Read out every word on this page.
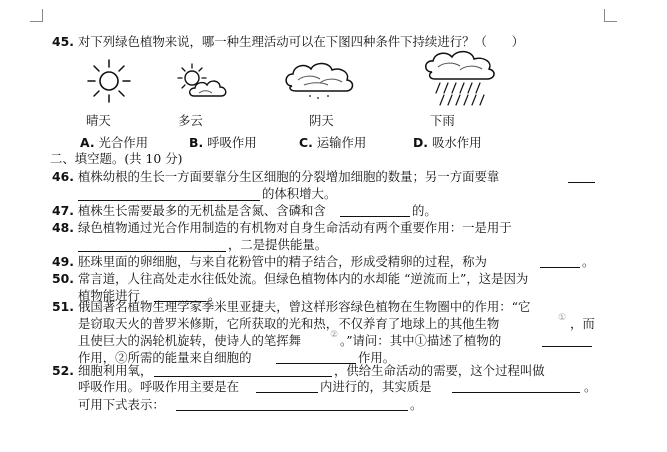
45. 对下列绿色植物来说，哪一种生理活动可以在下图四种条件下持续进行？（　　）
晴天	多云	阴天	下雨
A. 光合作用	B. 呼吸作用	C. 运输作用	D. 吸水作用
二、填空题。(共 10 分)
46. 植株幼根的生长一方面要靠分生区细胞的分裂增加细胞的数量；另一方面要靠
的体积增大。
47. 植株生长需要最多的无机盐是含氮、含磷和含	的。
48. 绿色植物通过光合作用制造的有机物对自身生命活动有两个重要作用：一是用于
，二是提供能量。
49. 胚珠里面的卵细胞，与来自花粉管中的精子结合，形成受精卵的过程，称为	。
50. 常言道，人往高处走水往低处流。但绿色植物体内的水却能 “逆流而上”，这是因为
植物能进行	。
51. 俄国著名植物生理学家季米里亚捷夫，曾这样形容绿色植物在生物圈中的作用：“它
是窃取天火的普罗米修斯，它所获取的光和热，不仅养育了地球上的其他生物	① ，而
且使巨大的涡轮机旋转，使诗人的笔挥舞	② 。”请问：其中①描述了植物的
作用，②所需的能量来自细胞的	作用。
52. 细胞利用氧，	，供给生命活动的需要，这个过程叫做
呼吸作用。呼吸作用主要是在	内进行的，其实质是	。
可用下式表示：	。
